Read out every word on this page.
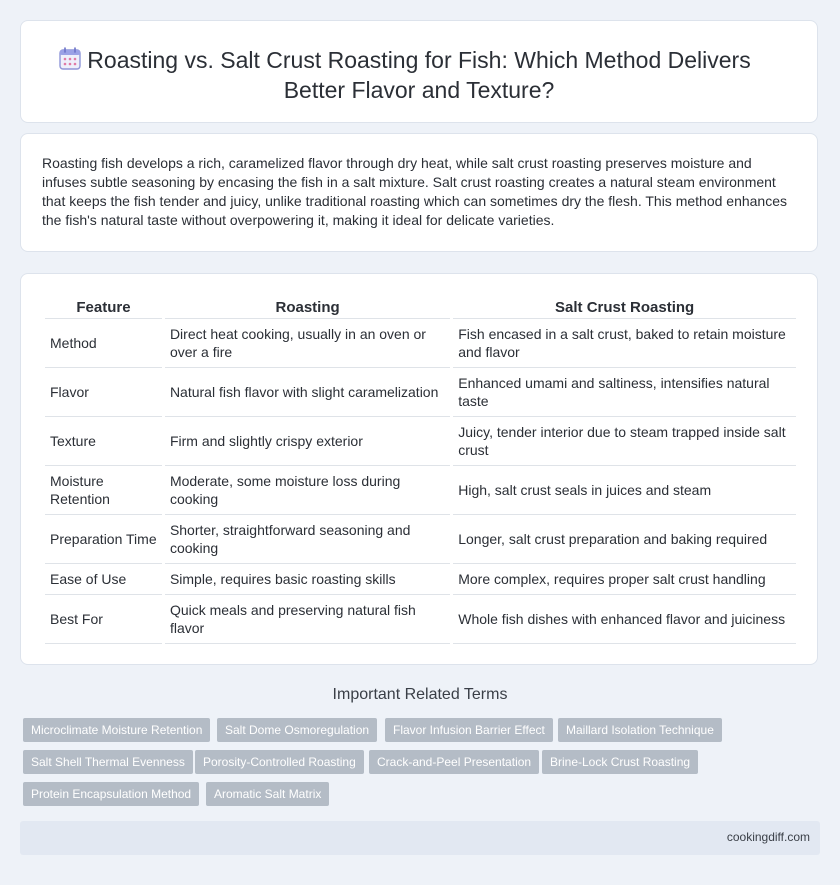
Roasting vs. Salt Crust Roasting for Fish: Which Method Delivers Better Flavor and Texture?

Roasting fish develops a rich, caramelized flavor through dry heat, while salt crust roasting preserves moisture and infuses subtle seasoning by encasing the fish in a salt mixture. Salt crust roasting creates a natural steam environment that keeps the fish tender and juicy, unlike traditional roasting which can sometimes dry the flesh. This method enhances the fish's natural taste without overpowering it, making it ideal for delicate varieties.

Feature	Roasting	Salt Crust Roasting
Method	Direct heat cooking, usually in an oven or over a fire	Fish encased in a salt crust, baked to retain moisture and flavor
Flavor	Natural fish flavor with slight caramelization	Enhanced umami and saltiness, intensifies natural taste
Texture	Firm and slightly crispy exterior	Juicy, tender interior due to steam trapped inside salt crust
Moisture Retention	Moderate, some moisture loss during cooking	High, salt crust seals in juices and steam
Preparation Time	Shorter, straightforward seasoning and cooking	Longer, salt crust preparation and baking required
Ease of Use	Simple, requires basic roasting skills	More complex, requires proper salt crust handling
Best For	Quick meals and preserving natural fish flavor	Whole fish dishes with enhanced flavor and juiciness
Important Related Terms
Microclimate Moisture Retention	Salt Dome Osmoregulation	Flavor Infusion Barrier Effect	Maillard Isolation Technique
Salt Shell Thermal Evenness	Porosity-Controlled Roasting	Crack-and-Peel Presentation	Brine-Lock Crust Roasting
Protein Encapsulation Method	Aromatic Salt Matrix
cookingdiff.com
